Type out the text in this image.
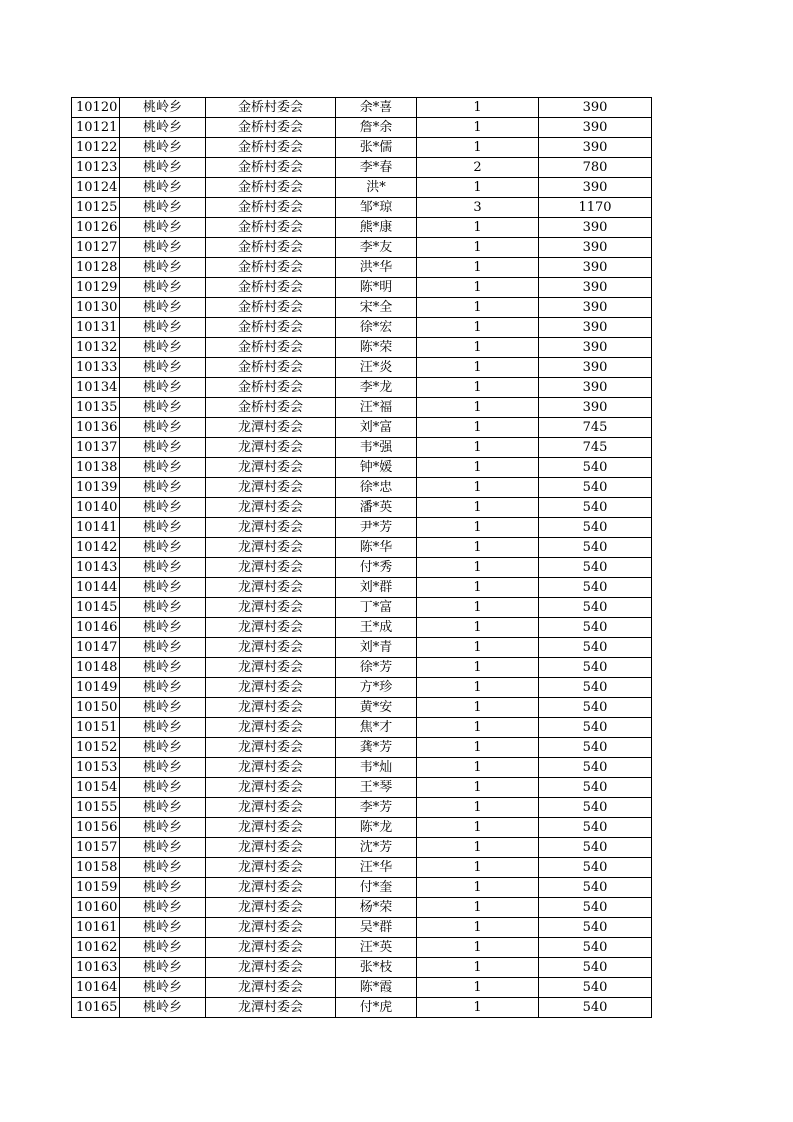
10120	桃岭乡	金桥村委会	余*喜	1	390
10121	桃岭乡	金桥村委会	詹*余	1	390
10122	桃岭乡	金桥村委会	张*儒	1	390
10123	桃岭乡	金桥村委会	李*春	2	780
10124	桃岭乡	金桥村委会	洪*	1	390
10125	桃岭乡	金桥村委会	邹*琼	3	1170
10126	桃岭乡	金桥村委会	熊*康	1	390
10127	桃岭乡	金桥村委会	李*友	1	390
10128	桃岭乡	金桥村委会	洪*华	1	390
10129	桃岭乡	金桥村委会	陈*明	1	390
10130	桃岭乡	金桥村委会	宋*全	1	390
10131	桃岭乡	金桥村委会	徐*宏	1	390
10132	桃岭乡	金桥村委会	陈*荣	1	390
10133	桃岭乡	金桥村委会	汪*炎	1	390
10134	桃岭乡	金桥村委会	李*龙	1	390
10135	桃岭乡	金桥村委会	汪*福	1	390
10136	桃岭乡	龙潭村委会	刘*富	1	745
10137	桃岭乡	龙潭村委会	韦*强	1	745
10138	桃岭乡	龙潭村委会	钟*媛	1	540
10139	桃岭乡	龙潭村委会	徐*忠	1	540
10140	桃岭乡	龙潭村委会	潘*英	1	540
10141	桃岭乡	龙潭村委会	尹*芳	1	540
10142	桃岭乡	龙潭村委会	陈*华	1	540
10143	桃岭乡	龙潭村委会	付*秀	1	540
10144	桃岭乡	龙潭村委会	刘*群	1	540
10145	桃岭乡	龙潭村委会	丁*富	1	540
10146	桃岭乡	龙潭村委会	王*成	1	540
10147	桃岭乡	龙潭村委会	刘*青	1	540
10148	桃岭乡	龙潭村委会	徐*芳	1	540
10149	桃岭乡	龙潭村委会	方*珍	1	540
10150	桃岭乡	龙潭村委会	黄*安	1	540
10151	桃岭乡	龙潭村委会	焦*才	1	540
10152	桃岭乡	龙潭村委会	龚*芳	1	540
10153	桃岭乡	龙潭村委会	韦*灿	1	540
10154	桃岭乡	龙潭村委会	王*琴	1	540
10155	桃岭乡	龙潭村委会	李*芳	1	540
10156	桃岭乡	龙潭村委会	陈*龙	1	540
10157	桃岭乡	龙潭村委会	沈*芳	1	540
10158	桃岭乡	龙潭村委会	汪*华	1	540
10159	桃岭乡	龙潭村委会	付*奎	1	540
10160	桃岭乡	龙潭村委会	杨*荣	1	540
10161	桃岭乡	龙潭村委会	吴*群	1	540
10162	桃岭乡	龙潭村委会	汪*英	1	540
10163	桃岭乡	龙潭村委会	张*枝	1	540
10164	桃岭乡	龙潭村委会	陈*霞	1	540
10165	桃岭乡	龙潭村委会	付*虎	1	540
